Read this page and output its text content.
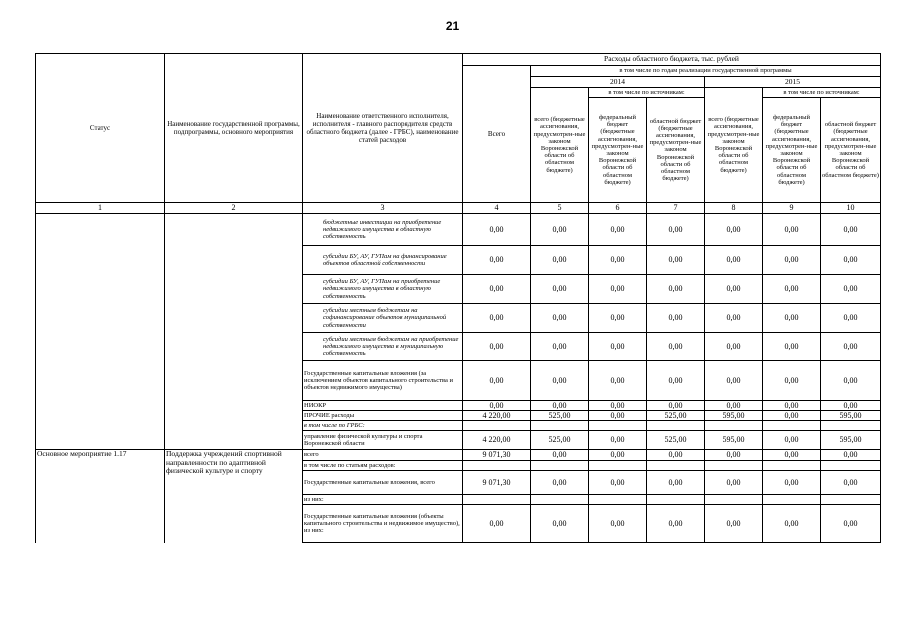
21
Статус	Наименование государственной программы, подпрограммы, основного мероприятия	Наименование ответственного исполнителя, исполнителя - главного распорядителя средств областного бюджета (далее - ГРБС), наименование статей расходов	Расходы областного бюджета, тыс. рублей						
			Всего	в том числе по годам реализации государственной программы					
				2014			2015		
				всего (бюджетные ассигнования, предусмотрен-ные законом Воронежской области об областном бюджете)	в том числе по источникам:		всего (бюджетные ассигнования, предусмотрен-ные законом Воронежской области об областном бюджете)	в том числе по источникам:	
					федеральный бюджет (бюджетные ассигнования, предусмотрен-ные законом Воронежской области об областном бюджете)	областной бюджет (бюджетные ассигнования, предусмотрен-ные законом Воронежской области об областном бюджете)		федеральный бюджет (бюджетные ассигнования, предусмотрен-ные законом Воронежской области об областном бюджете)	областной бюджет (бюджетные ассигнования, предусмотрен-ные законом Воронежской области об областном бюджете)
1	2	3	4	5	6	7	8	9	10
		бюджетные инвестиции на приобретение недвижимого имущества в областную собственность	0,00	0,00	0,00	0,00	0,00	0,00	0,00
		субсидии БУ, АУ, ГУПам на финансирование объектов областной собственности	0,00	0,00	0,00	0,00	0,00	0,00	0,00
		субсидии БУ, АУ, ГУПам на приобретение недвижимого имущества в областную собственность	0,00	0,00	0,00	0,00	0,00	0,00	0,00
		субсидии местным бюджетам на софинансирование объектов муниципальной собственности	0,00	0,00	0,00	0,00	0,00	0,00	0,00
		субсидии местным бюджетам на приобретение недвижимого имущества в муниципальную собственность	0,00	0,00	0,00	0,00	0,00	0,00	0,00
		Государственные капитальные вложения (за исключением объектов капитального строительства и объектов недвижимого имущества)	0,00	0,00	0,00	0,00	0,00	0,00	0,00
		НИОКР	0,00	0,00	0,00	0,00	0,00	0,00	0,00
		ПРОЧИЕ расходы	4 220,00	525,00	0,00	525,00	595,00	0,00	595,00
		в том числе по ГРБС:							
		управление физической культуры и спорта Воронежской области	4 220,00	525,00	0,00	525,00	595,00	0,00	595,00
Основное мероприятие 1.17	Поддержка учреждений спортивной направленности по адаптивной физической культуре и спорту	всего	9 071,30	0,00	0,00	0,00	0,00	0,00	0,00
		в том числе по статьям расходов:							
		Государственные капитальные вложения, всего	9 071,30	0,00	0,00	0,00	0,00	0,00	0,00
		из них:							
		Государственные капитальные вложения (объекты капитального строительства и недвижимое имущество), из них:	0,00	0,00	0,00	0,00	0,00	0,00	0,00
